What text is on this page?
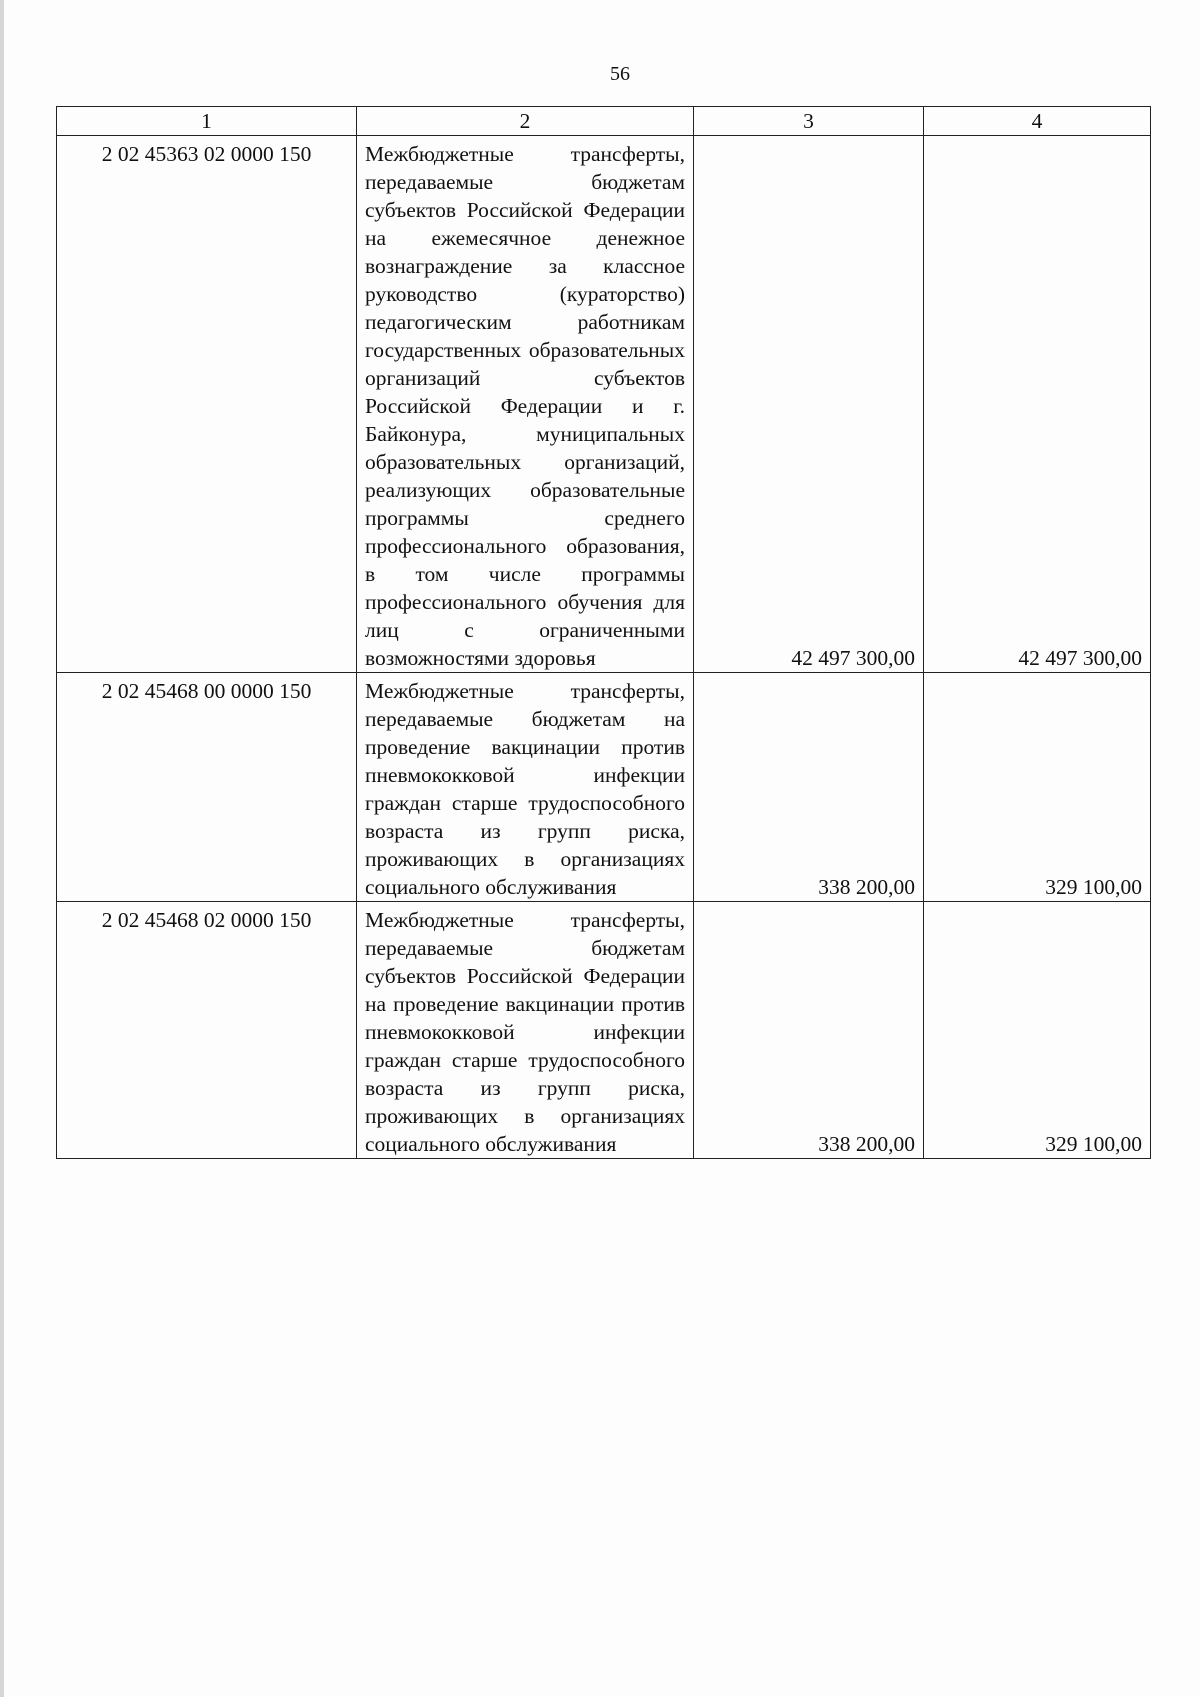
56
1	2	3	4
2 02 45363 02 0000 150	Межбюджетные трансферты, передаваемые бюджетам субъектов Российской Федерации на ежемесячное денежное вознаграждение за классное руководство (кураторство) педагогическим работникам государственных образовательных организаций субъектов Российской Федерации и г. Байконура, муниципальных образовательных организаций, реализующих образовательные программы среднего профессионального образования, в том числе программы профессионального обучения для лиц с ограниченными возможностями здоровья	42 497 300,00	42 497 300,00
2 02 45468 00 0000 150	Межбюджетные трансферты, передаваемые бюджетам на проведение вакцинации против пневмококковой инфекции граждан старше трудоспособного возраста из групп риска, проживающих в организациях социального обслуживания	338 200,00	329 100,00
2 02 45468 02 0000 150	Межбюджетные трансферты, передаваемые бюджетам субъектов Российской Федерации на проведение вакцинации против пневмококковой инфекции граждан старше трудоспособного возраста из групп риска, проживающих в организациях социального обслуживания	338 200,00	329 100,00
